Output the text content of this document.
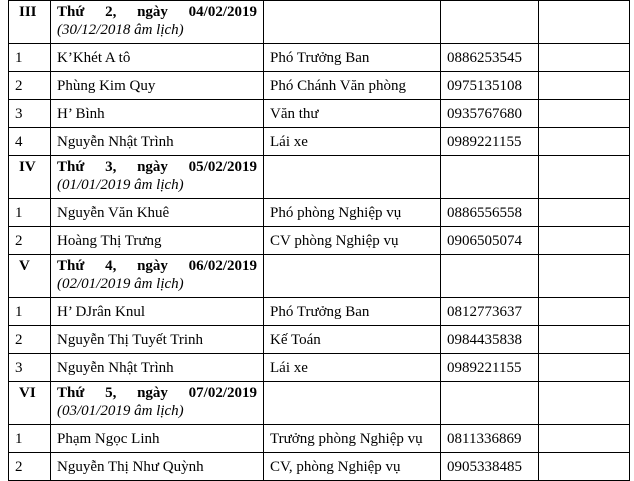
III	Thứ 2, ngày 04/02/2019
(30/12/2018 âm lịch)			

1	K’Khét A tô	Phó Trưởng Ban	0886253545	
2	Phùng Kim Quy	Phó Chánh Văn phòng	0975135108	
3	H’ Bình	Văn thư	0935767680	
4	Nguyễn Nhật Trình	Lái xe	0989221155	
IV	Thứ 3, ngày 05/02/2019
(01/01/2019 âm lịch)			

1	Nguyễn Văn Khuê	Phó phòng Nghiệp vụ	0886556558	
2	Hoàng Thị Trưng	CV phòng Nghiệp vụ	0906505074	
V	Thứ 4, ngày 06/02/2019
(02/01/2019 âm lịch)			

1	H’ DJrân Knul	Phó Trưởng Ban	0812773637	
2	Nguyễn Thị Tuyết Trinh	Kế Toán	0984435838	
3	Nguyễn Nhật Trình	Lái xe	0989221155	
VI	Thứ 5, ngày 07/02/2019
(03/01/2019 âm lịch)			

1	Phạm Ngọc Linh	Trưởng phòng Nghiệp vụ	0811336869	
2	Nguyễn Thị Như Quỳnh	CV, phòng Nghiệp vụ	0905338485	
